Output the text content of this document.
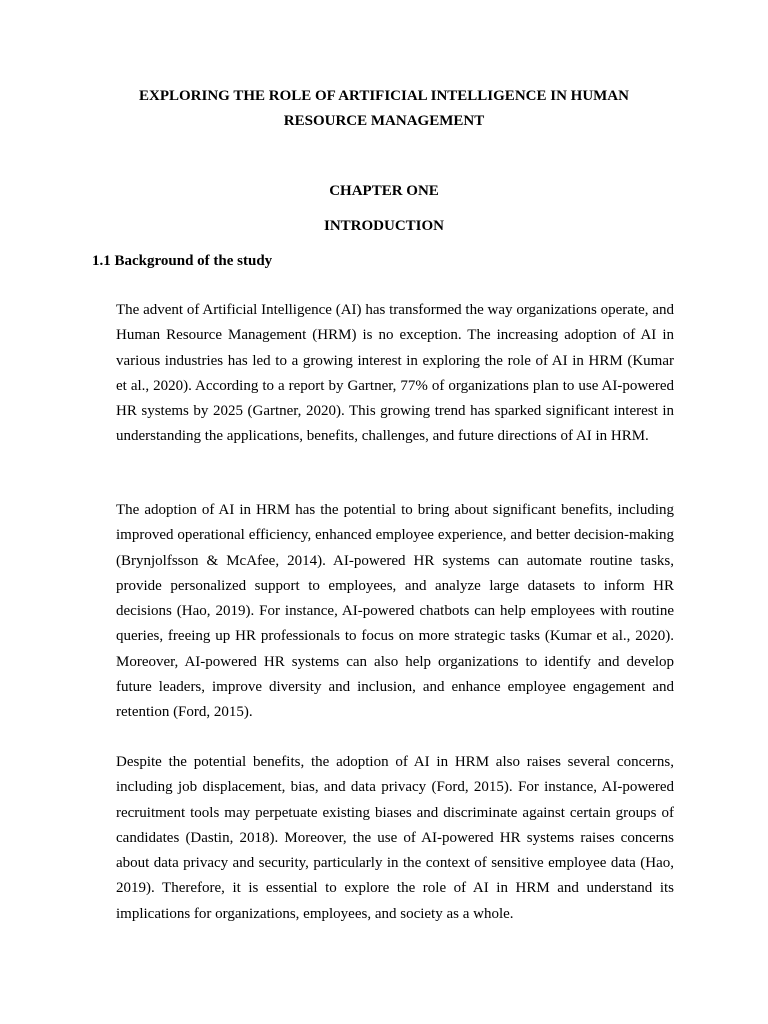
EXPLORING THE ROLE OF ARTIFICIAL INTELLIGENCE IN HUMAN
RESOURCE MANAGEMENT
CHAPTER ONE
INTRODUCTION
1.1 Background of the study

The advent of Artificial Intelligence (AI) has transformed the way organizations operate, and Human Resource Management (HRM) is no exception. The increasing adoption of AI in various industries has led to a growing interest in exploring the role of AI in HRM (Kumar et al., 2020). According to a report by Gartner, 77% of organizations plan to use AI-powered HR systems by 2025 (Gartner, 2020). This growing trend has sparked significant interest in understanding the applications, benefits, challenges, and future directions of AI in HRM.

The adoption of AI in HRM has the potential to bring about significant benefits, including improved operational efficiency, enhanced employee experience, and better decision-making (Brynjolfsson & McAfee, 2014). AI-powered HR systems can automate routine tasks, provide personalized support to employees, and analyze large datasets to inform HR decisions (Hao, 2019). For instance, AI-powered chatbots can help employees with routine queries, freeing up HR professionals to focus on more strategic tasks (Kumar et al., 2020). Moreover, AI-powered HR systems can also help organizations to identify and develop future leaders, improve diversity and inclusion, and enhance employee engagement and retention (Ford, 2015).

Despite the potential benefits, the adoption of AI in HRM also raises several concerns, including job displacement, bias, and data privacy (Ford, 2015). For instance, AI-powered recruitment tools may perpetuate existing biases and discriminate against certain groups of candidates (Dastin, 2018). Moreover, the use of AI-powered HR systems raises concerns about data privacy and security, particularly in the context of sensitive employee data (Hao, 2019). Therefore, it is essential to explore the role of AI in HRM and understand its implications for organizations, employees, and society as a whole.
